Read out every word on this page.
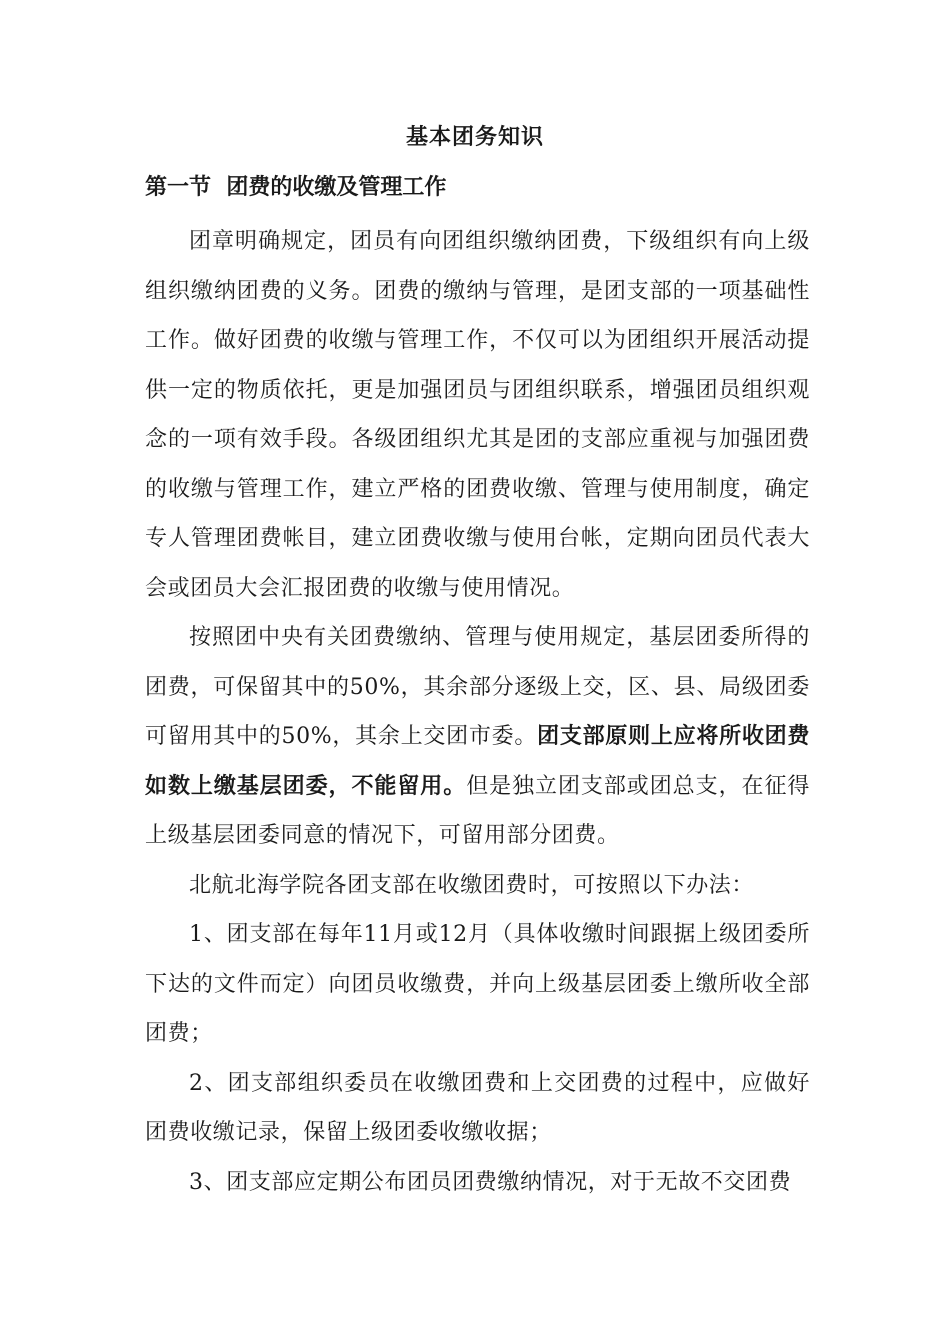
基本团务知识
第一节  团费的收缴及管理工作

团章明确规定，团员有向团组织缴纳团费，下级组织有向上级组织缴纳团费的义务。团费的缴纳与管理，是团支部的一项基础性工作。做好团费的收缴与管理工作，不仅可以为团组织开展活动提供一定的物质依托，更是加强团员与团组织联系，增强团员组织观念的一项有效手段。各级团组织尤其是团的支部应重视与加强团费的收缴与管理工作，建立严格的团费收缴、管理与使用制度，确定专人管理团费帐目，建立团费收缴与使用台帐，定期向团员代表大会或团员大会汇报团费的收缴与使用情况。

按照团中央有关团费缴纳、管理与使用规定，基层团委所得的团费，可保留其中的50%，其余部分逐级上交，区、县、局级团委可留用其中的50%，其余上交团市委。团支部原则上应将所收团费如数上缴基层团委，不能留用。但是独立团支部或团总支，在征得上级基层团委同意的情况下，可留用部分团费。

北航北海学院各团支部在收缴团费时，可按照以下办法：

1、团支部在每年11月或12月（具体收缴时间跟据上级团委所下达的文件而定）向团员收缴费，并向上级基层团委上缴所收全部团费；

2、团支部组织委员在收缴团费和上交团费的过程中，应做好团费收缴记录，保留上级团委收缴收据；

3、团支部应定期公布团员团费缴纳情况，对于无故不交团费
